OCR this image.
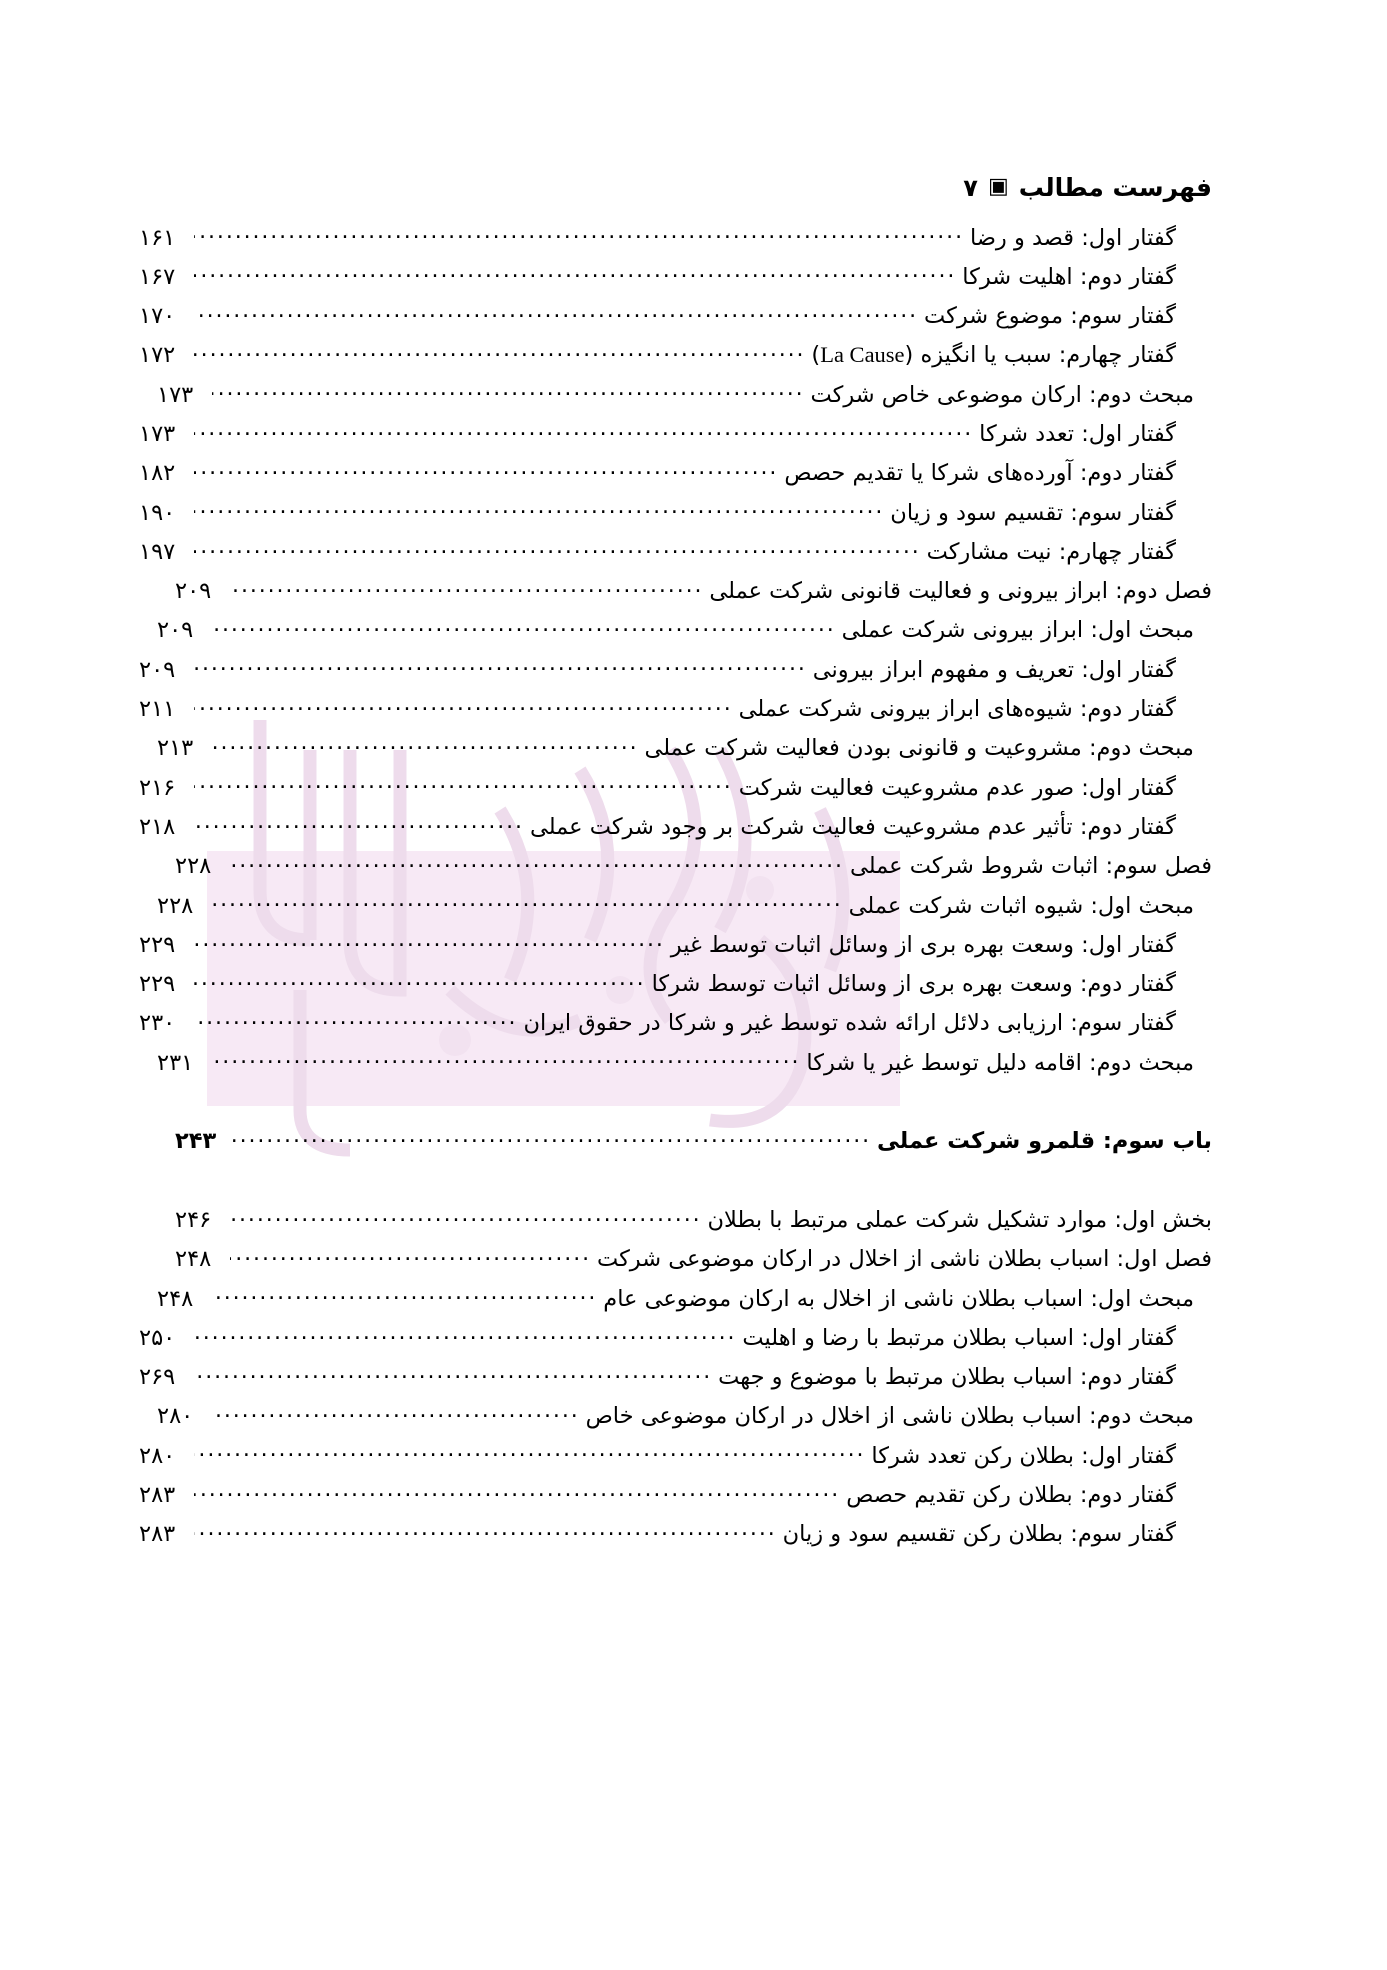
فهرست مطالب
▣
۷
گفتار اول: قصد و رضا
.....
۱۶۱
گفتار دوم: اهلیت شرکا
.....
۱۶۷
گفتار سوم: موضوع شرکت
.....
۱۷۰
گفتار چهارم: سبب یا انگیزه (La Cause)
.....
۱۷۲
مبحث دوم: ارکان موضوعی خاص شرکت
.....
۱۷۳
گفتار اول: تعدد شرکا
.....
۱۷۳
گفتار دوم: آورده‌های شرکا یا تقدیم حصص
.....
۱۸۲
گفتار سوم: تقسیم سود و زیان
.....
۱۹۰
گفتار چهارم: نیت مشارکت
.....
۱۹۷
فصل دوم: ابراز بیرونی و فعالیت قانونی شرکت عملی
.....
۲۰۹
مبحث اول: ابراز بیرونی شرکت عملی
.....
۲۰۹
گفتار اول: تعریف و مفهوم ابراز بیرونی
.....
۲۰۹
گفتار دوم: شیوه‌های ابراز بیرونی شرکت عملی
.....
۲۱۱
مبحث دوم: مشروعیت و قانونی بودن فعالیت شرکت عملی
.....
۲۱۳
گفتار اول: صور عدم مشروعیت فعالیت شرکت
.....
۲۱۶
گفتار دوم: تأثیر عدم مشروعیت فعالیت شرکت بر وجود شرکت عملی
.....
۲۱۸
فصل سوم: اثبات شروط شرکت عملی
.....
۲۲۸
مبحث اول: شیوه اثبات شرکت عملی
.....
۲۲۸
گفتار اول: وسعت بهره بری از وسائل اثبات توسط غیر
.....
۲۲۹
گفتار دوم: وسعت بهره بری از وسائل اثبات توسط شرکا
.....
۲۲۹
گفتار سوم: ارزیابی دلائل ارائه شده توسط غیر و شرکا در حقوق ایران
.....
۲۳۰
مبحث دوم: اقامه دلیل توسط غیر یا شرکا
.....
۲۳۱
باب سوم: قلمرو شرکت عملی
.....
۲۴۳
بخش اول: موارد تشکیل شرکت عملی مرتبط با بطلان
.....
۲۴۶
فصل اول: اسباب بطلان ناشی از اخلال در ارکان موضوعی شرکت
.....
۲۴۸
مبحث اول: اسباب بطلان ناشی از اخلال به ارکان موضوعی عام
.....
۲۴۸
گفتار اول: اسباب بطلان مرتبط با رضا و اهلیت
.....
۲۵۰
گفتار دوم: اسباب بطلان مرتبط با موضوع و جهت
.....
۲۶۹
مبحث دوم: اسباب بطلان ناشی از اخلال در ارکان موضوعی خاص
.....
۲۸۰
گفتار اول: بطلان رکن تعدد شرکا
.....
۲۸۰
گفتار دوم: بطلان رکن تقدیم حصص
.....
۲۸۳
گفتار سوم: بطلان رکن تقسیم سود و زیان
.....
۲۸۳
